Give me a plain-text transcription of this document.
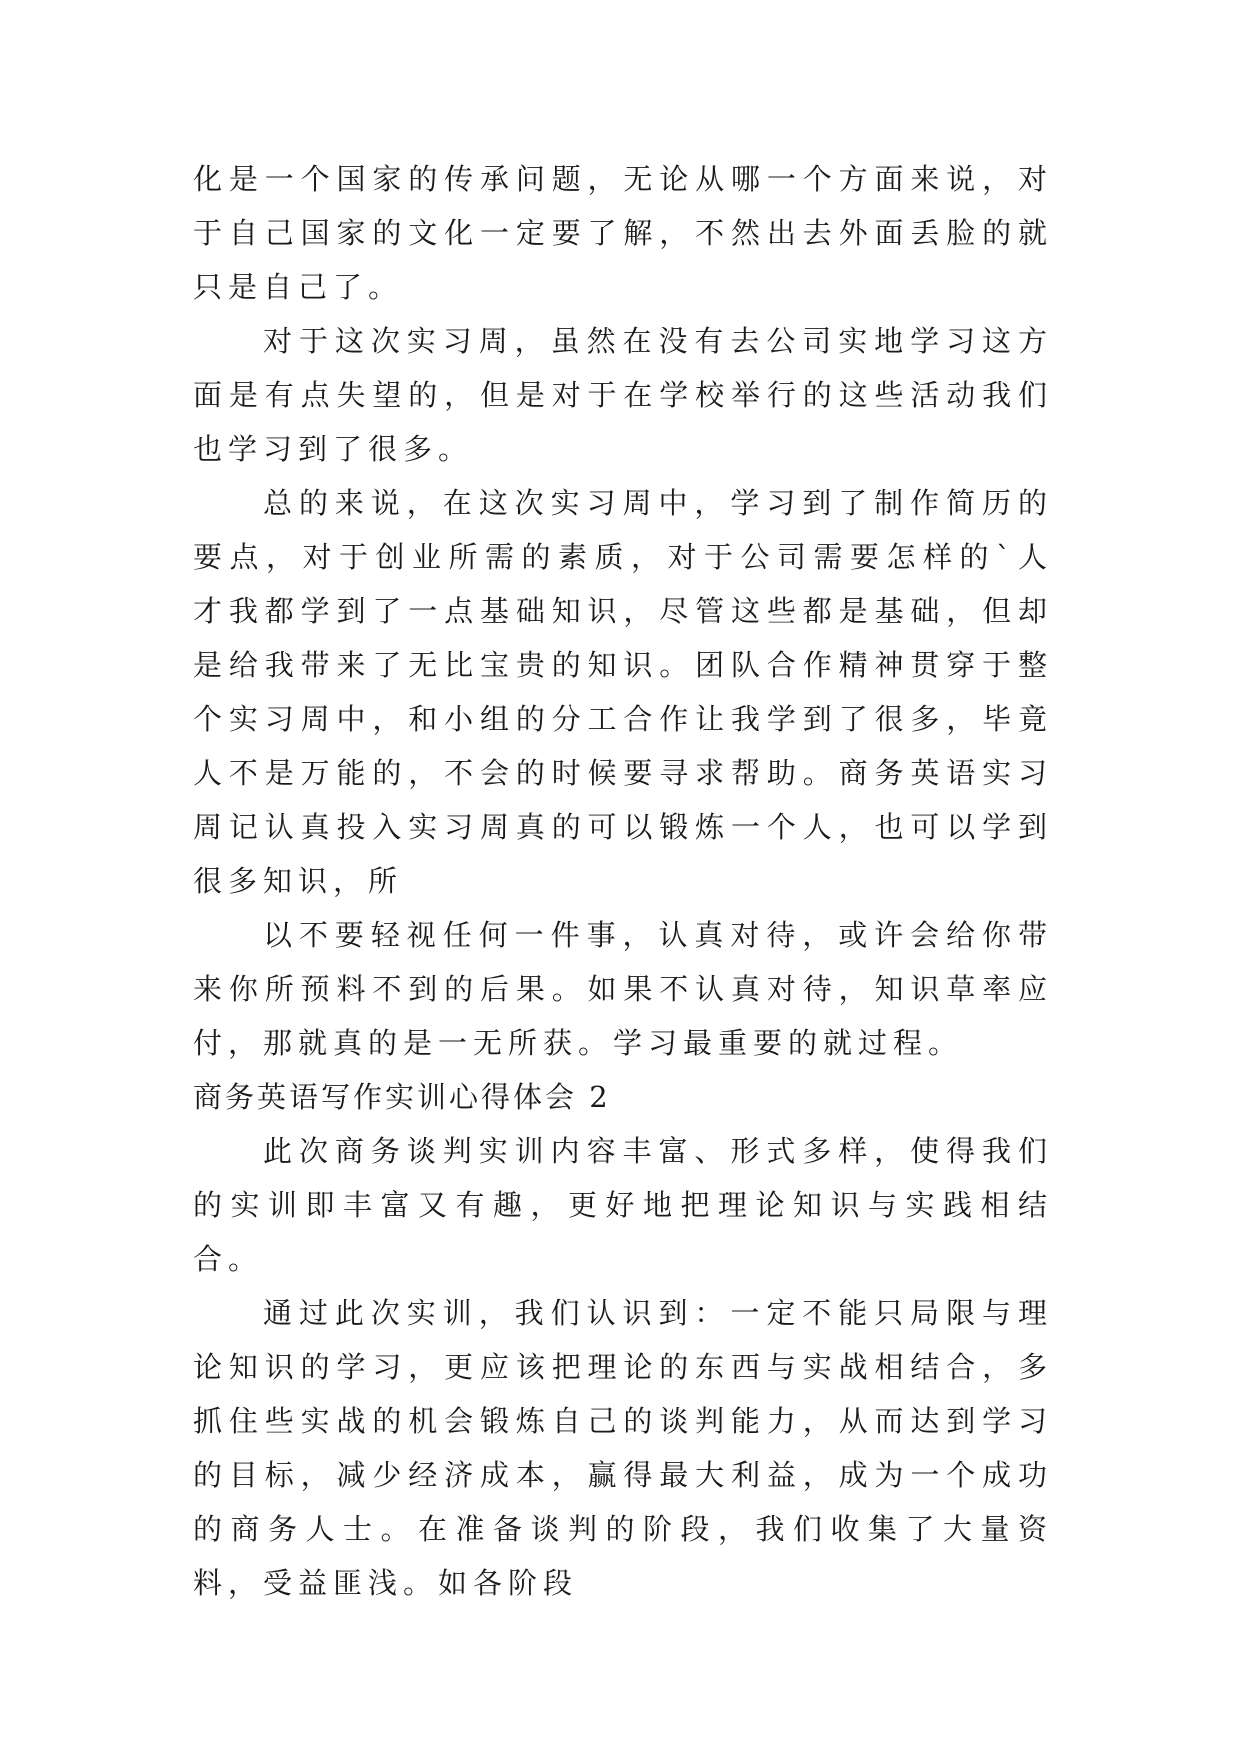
化是一个国家的传承问题，无论从哪一个方面来说，对于自己国家的文化一定要了解，不然出去外面丢脸的就只是自己了。

对于这次实习周，虽然在没有去公司实地学习这方面是有点失望的，但是对于在学校举行的这些活动我们也学习到了很多。

总的来说，在这次实习周中，学习到了制作简历的要点，对于创业所需的素质，对于公司需要怎样的`人才我都学到了一点基础知识，尽管这些都是基础，但却是给我带来了无比宝贵的知识。团队合作精神贯穿于整个实习周中，和小组的分工合作让我学到了很多，毕竟人不是万能的，不会的时候要寻求帮助。商务英语实习周记认真投入实习周真的可以锻炼一个人，也可以学到很多知识，所

以不要轻视任何一件事，认真对待，或许会给你带来你所预料不到的后果。如果不认真对待，知识草率应付，那就真的是一无所获。学习最重要的就过程。

商务英语写作实训心得体会 2

此次商务谈判实训内容丰富、形式多样，使得我们的实训即丰富又有趣，更好地把理论知识与实践相结合。

通过此次实训，我们认识到：一定不能只局限与理论知识的学习，更应该把理论的东西与实战相结合，多抓住些实战的机会锻炼自己的谈判能力，从而达到学习的目标，减少经济成本，赢得最大利益，成为一个成功的商务人士。在准备谈判的阶段，我们收集了大量资料，受益匪浅。如各阶段
